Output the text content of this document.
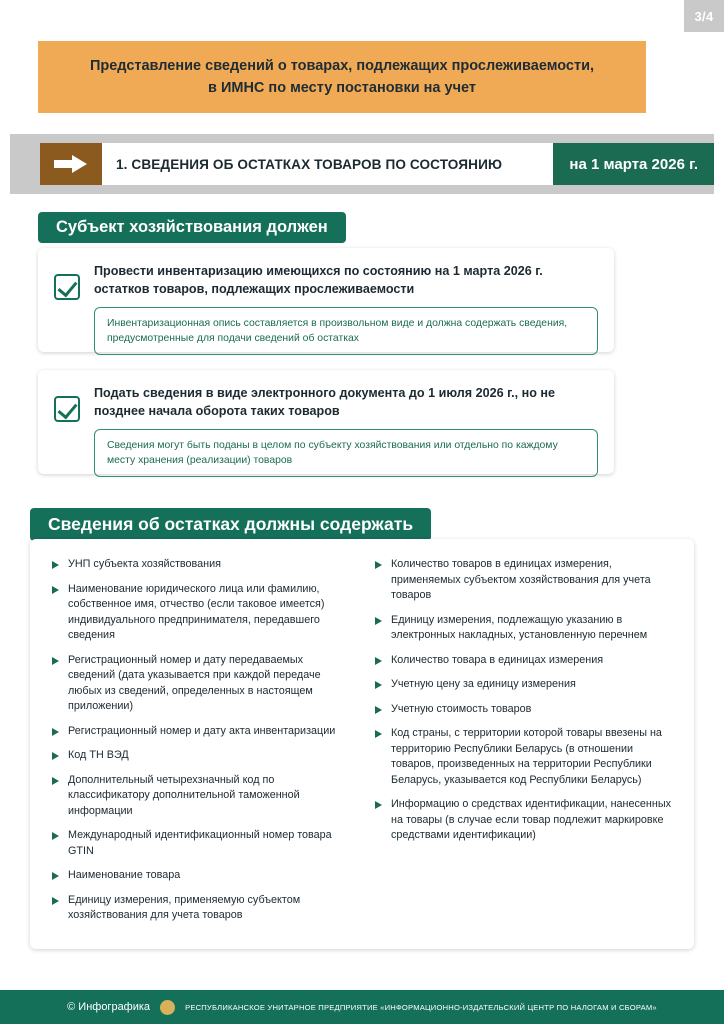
3/4
Представление сведений о товарах, подлежащих прослеживаемости,
в ИМНС по месту постановки на учет
1. СВЕДЕНИЯ ОБ ОСТАТКАХ ТОВАРОВ ПО СОСТОЯНИЮ	на 1 марта 2026 г.
Субъект хозяйствования должен
Провести инвентаризацию имеющихся по состоянию на 1 марта 2026 г. остатков товаров, подлежащих прослеживаемости
Инвентаризационная опись составляется в произвольном виде и должна содержать сведения, предусмотренные для подачи сведений об остатках
Подать сведения в виде электронного документа до 1 июля 2026 г., но не позднее начала оборота таких товаров
Сведения могут быть поданы в целом по субъекту хозяйствования или отдельно по каждому месту хранения (реализации) товаров
Сведения об остатках должны содержать
УНП субъекта хозяйствования
Наименование юридического лица или фамилию, собственное имя, отчество (если таковое имеется) индивидуального предпринимателя, передавшего сведения
Регистрационный номер и дату передаваемых сведений (дата указывается при каждой передаче любых из сведений, определенных в настоящем приложении)
Регистрационный номер и дату акта инвентаризации
Код ТН ВЭД
Дополнительный четырехзначный код по классификатору дополнительной таможенной информации
Международный идентификационный номер товара GTIN
Наименование товара
Единицу измерения, применяемую субъектом хозяйствования для учета товаров
Количество товаров в единицах измерения, применяемых субъектом хозяйствования для учета товаров
Единицу измерения, подлежащую указанию в электронных накладных, установленную перечнем
Количество товара в единицах измерения
Учетную цену за единицу измерения
Учетную стоимость товаров
Код страны, с территории которой товары ввезены на территорию Республики Беларусь (в отношении товаров, произведенных на территории Республики Беларусь, указывается код Республики Беларусь)
Информацию о средствах идентификации, нанесенных на товары (в случае если товар подлежит маркировке средствами идентификации)
© Инфографика	РЕСПУБЛИКАНСКОЕ УНИТАРНОЕ ПРЕДПРИЯТИЕ «ИНФОРМАЦИОННО-ИЗДАТЕЛЬСКИЙ ЦЕНТР ПО НАЛОГАМ И СБОРАМ»
